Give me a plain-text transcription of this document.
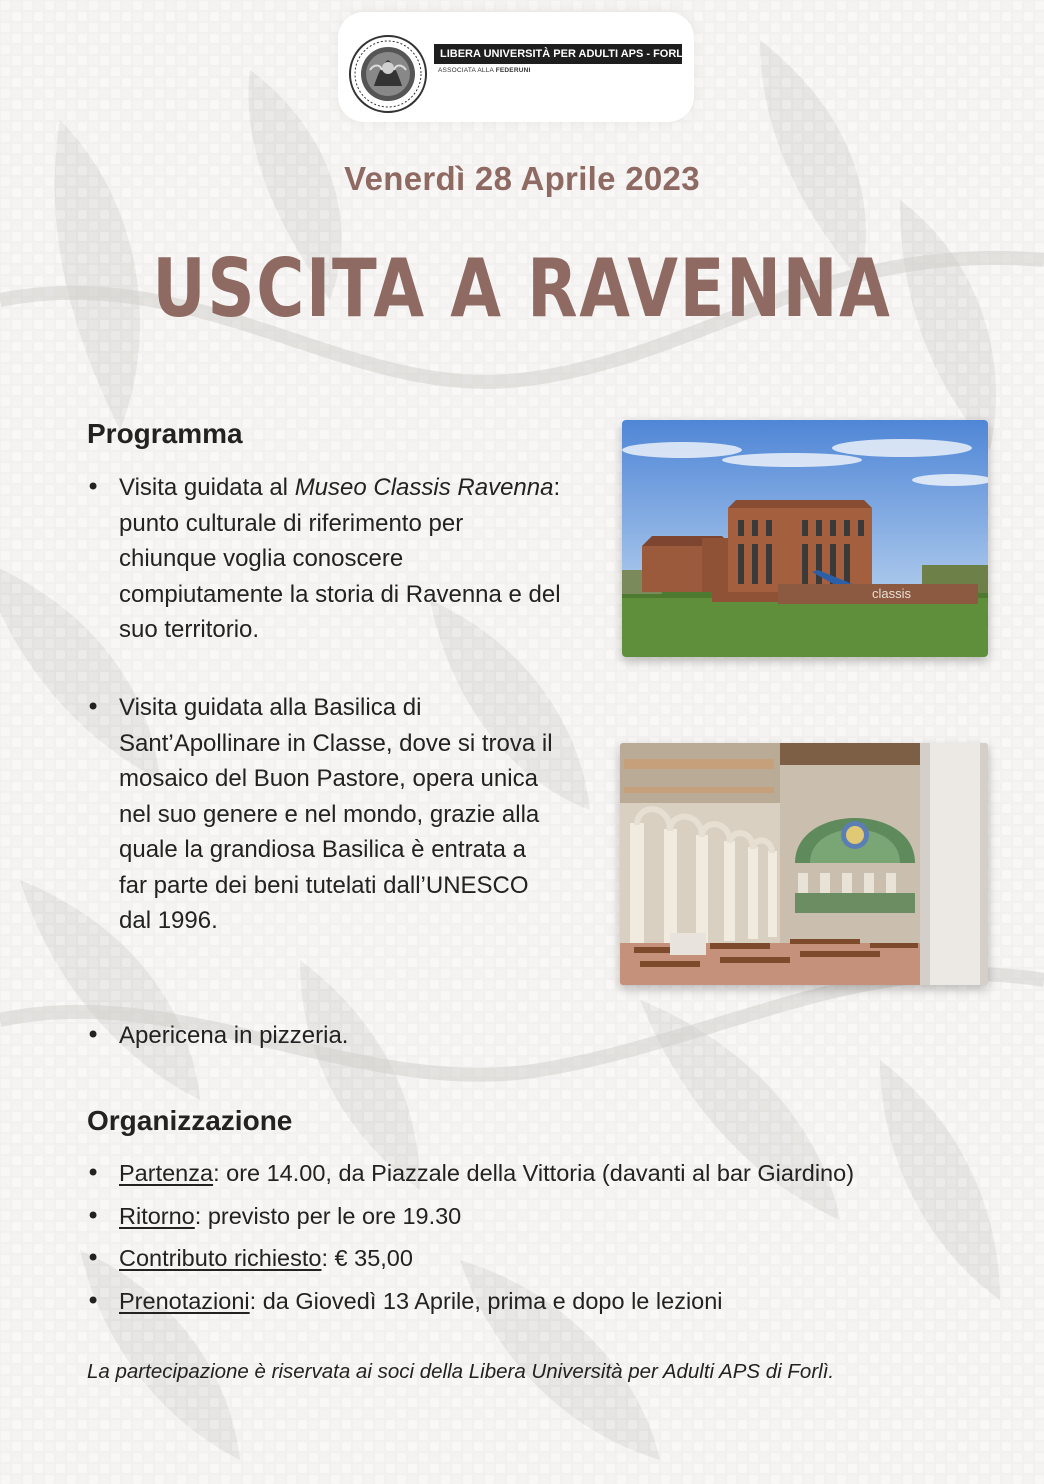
LIBERA UNIVERSITÀ PER ADULTI APS - FORLÌ
ASSOCIATA ALLA FEDERUNI
Venerdì 28 Aprile 2023
USCITA A RAVENNA
Programma
• Visita guidata al Museo Classis Ravenna: punto culturale di riferimento per chiunque voglia conoscere compiutamente la storia di Ravenna e del suo territorio.
• Visita guidata alla Basilica di Sant’Apollinare in Classe, dove si trova il mosaico del Buon Pastore, opera unica nel suo genere e nel mondo, grazie alla quale la grandiosa Basilica è entrata a far parte dei beni tutelati dall’UNESCO dal 1996.
• Apericena in pizzeria.
classis
Organizzazione
• Partenza: ore 14.00, da Piazzale della Vittoria (davanti al bar Giardino)
• Ritorno: previsto per le ore 19.30
• Contributo richiesto: € 35,00
• Prenotazioni: da Giovedì 13 Aprile, prima e dopo le lezioni
La partecipazione è riservata ai soci della Libera Università per Adulti APS di Forlì.
